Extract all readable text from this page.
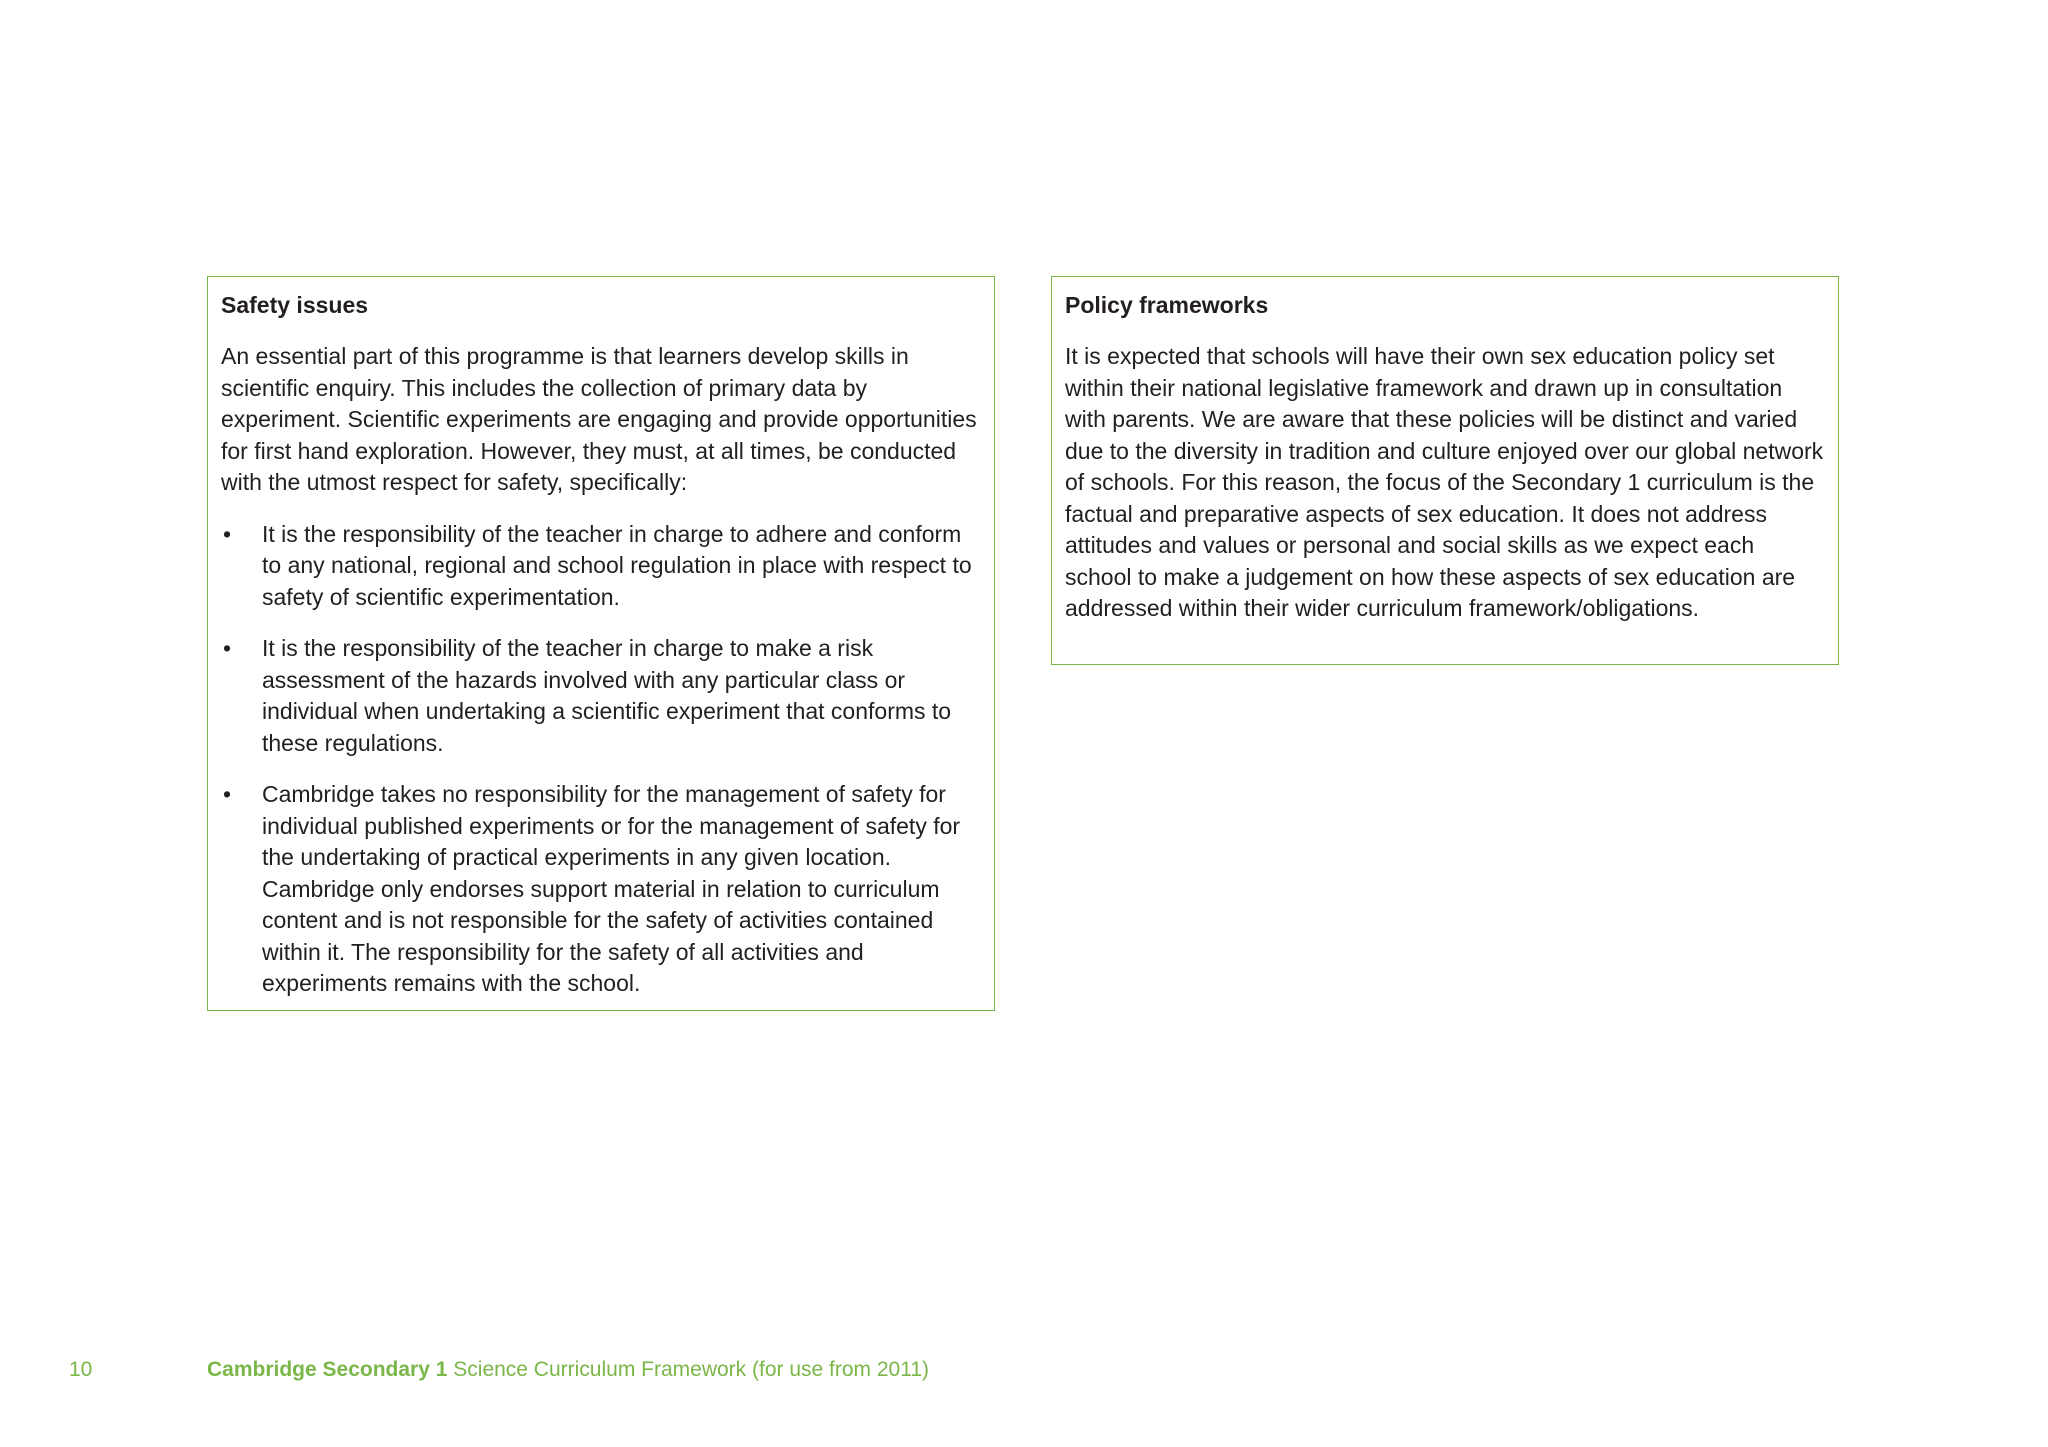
Safety issues

An essential part of this programme is that learners develop skills in scientific enquiry. This includes the collection of primary data by experiment. Scientific experiments are engaging and provide opportunities for first hand exploration. However, they must, at all times, be conducted with the utmost respect for safety, specifically:

• It is the responsibility of the teacher in charge to adhere and conform to any national, regional and school regulation in place with respect to safety of scientific experimentation.
• It is the responsibility of the teacher in charge to make a risk assessment of the hazards involved with any particular class or individual when undertaking a scientific experiment that conforms to these regulations.
• Cambridge takes no responsibility for the management of safety for individual published experiments or for the management of safety for the undertaking of practical experiments in any given location. Cambridge only endorses support material in relation to curriculum content and is not responsible for the safety of activities contained within it. The responsibility for the safety of all activities and experiments remains with the school.
Policy frameworks

It is expected that schools will have their own sex education policy set within their national legislative framework and drawn up in consultation with parents. We are aware that these policies will be distinct and varied due to the diversity in tradition and culture enjoyed over our global network of schools. For this reason, the focus of the Secondary 1 curriculum is the factual and preparative aspects of sex education. It does not address attitudes and values or personal and social skills as we expect each school to make a judgement on how these aspects of sex education are addressed within their wider curriculum framework/obligations.

10	Cambridge Secondary 1 Science Curriculum Framework (for use from 2011)
